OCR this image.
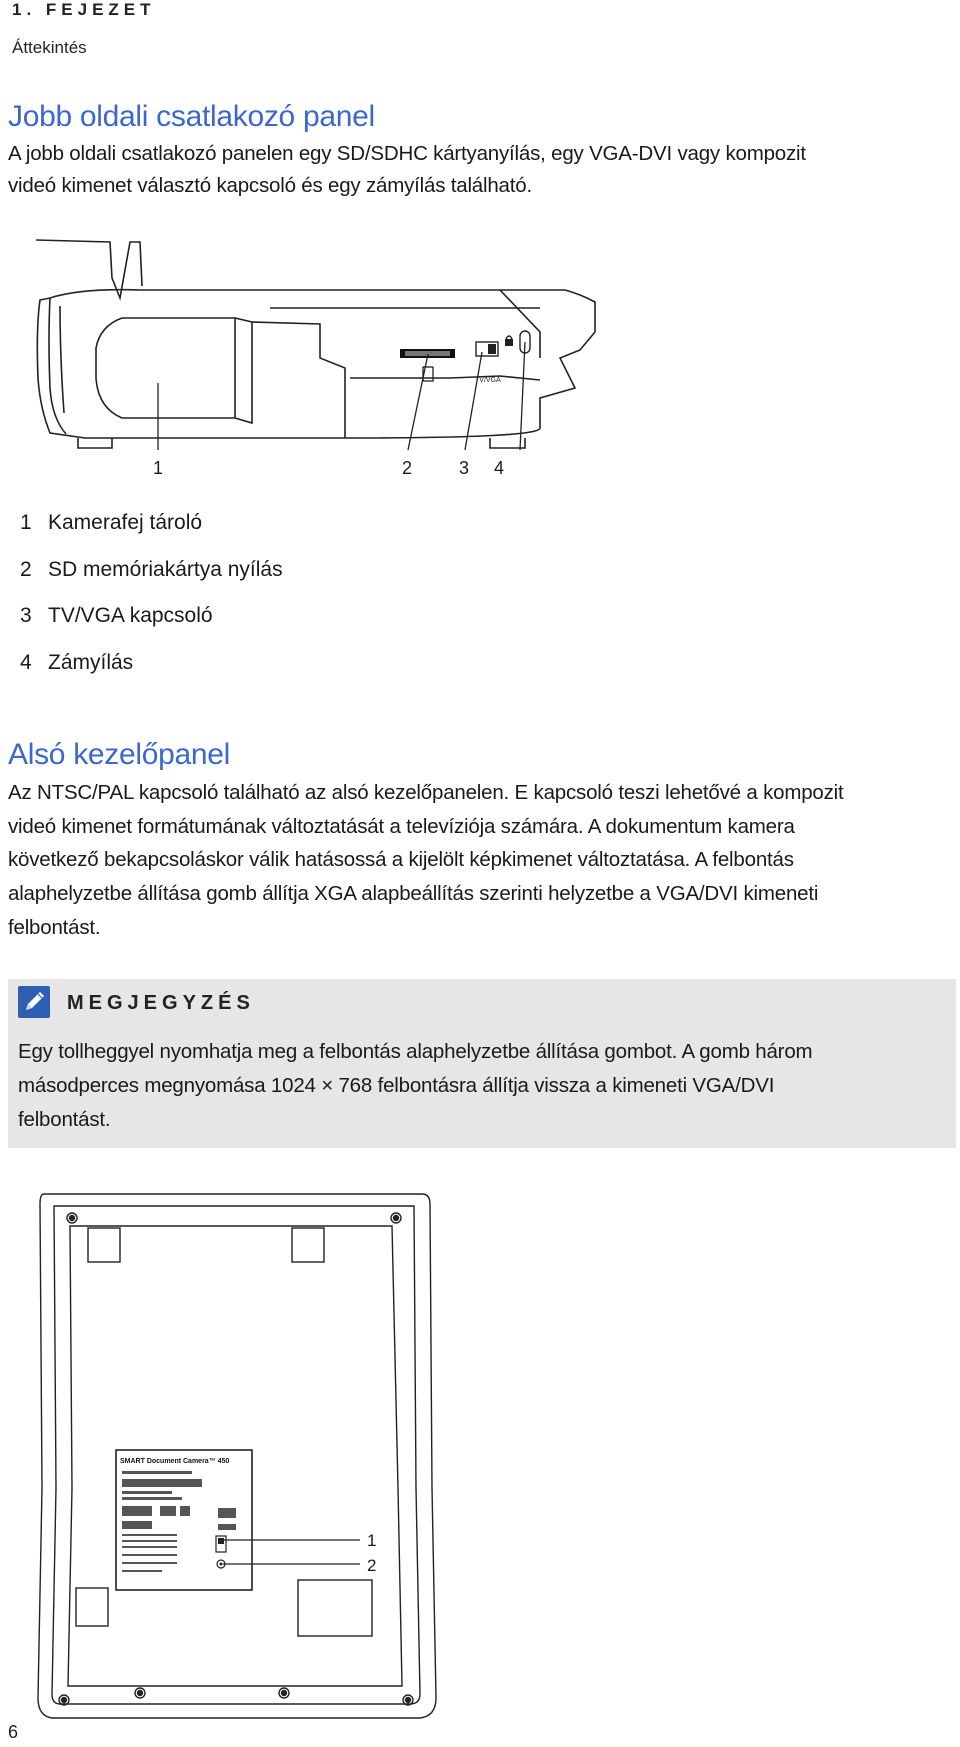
1. FEJEZET
Áttekintés
Jobb oldali csatlakozó panel
A jobb oldali csatlakozó panelen egy SD/SDHC kártyanyílás, egy VGA-DVI vagy kompozit
videó kimenet választó kapcsoló és egy zámyílás található.
TV/VGA
1	2	3 4
1 Kamerafej tároló
2 SD memóriakártya nyílás
3 TV/VGA kapcsoló
4 Zámyílás
Alsó kezelőpanel
Az NTSC/PAL kapcsoló található az alsó kezelőpanelen. E kapcsoló teszi lehetővé a kompozit
videó kimenet formátumának változtatását a televíziója számára. A dokumentum kamera
következő bekapcsoláskor válik hatásossá a kijelölt képkimenet változtatása. A felbontás
alaphelyzetbe állítása gomb állítja XGA alapbeállítás szerinti helyzetbe a VGA/DVI kimeneti
felbontást.
MEGJEGYZÉS
Egy tollheggyel nyomhatja meg a felbontás alaphelyzetbe állítása gombot. A gomb három
másodperces megnyomása 1024 × 768 felbontásra állítja vissza a kimeneti VGA/DVI
felbontást.
SMART Document Camera™ 450
1
2
6
